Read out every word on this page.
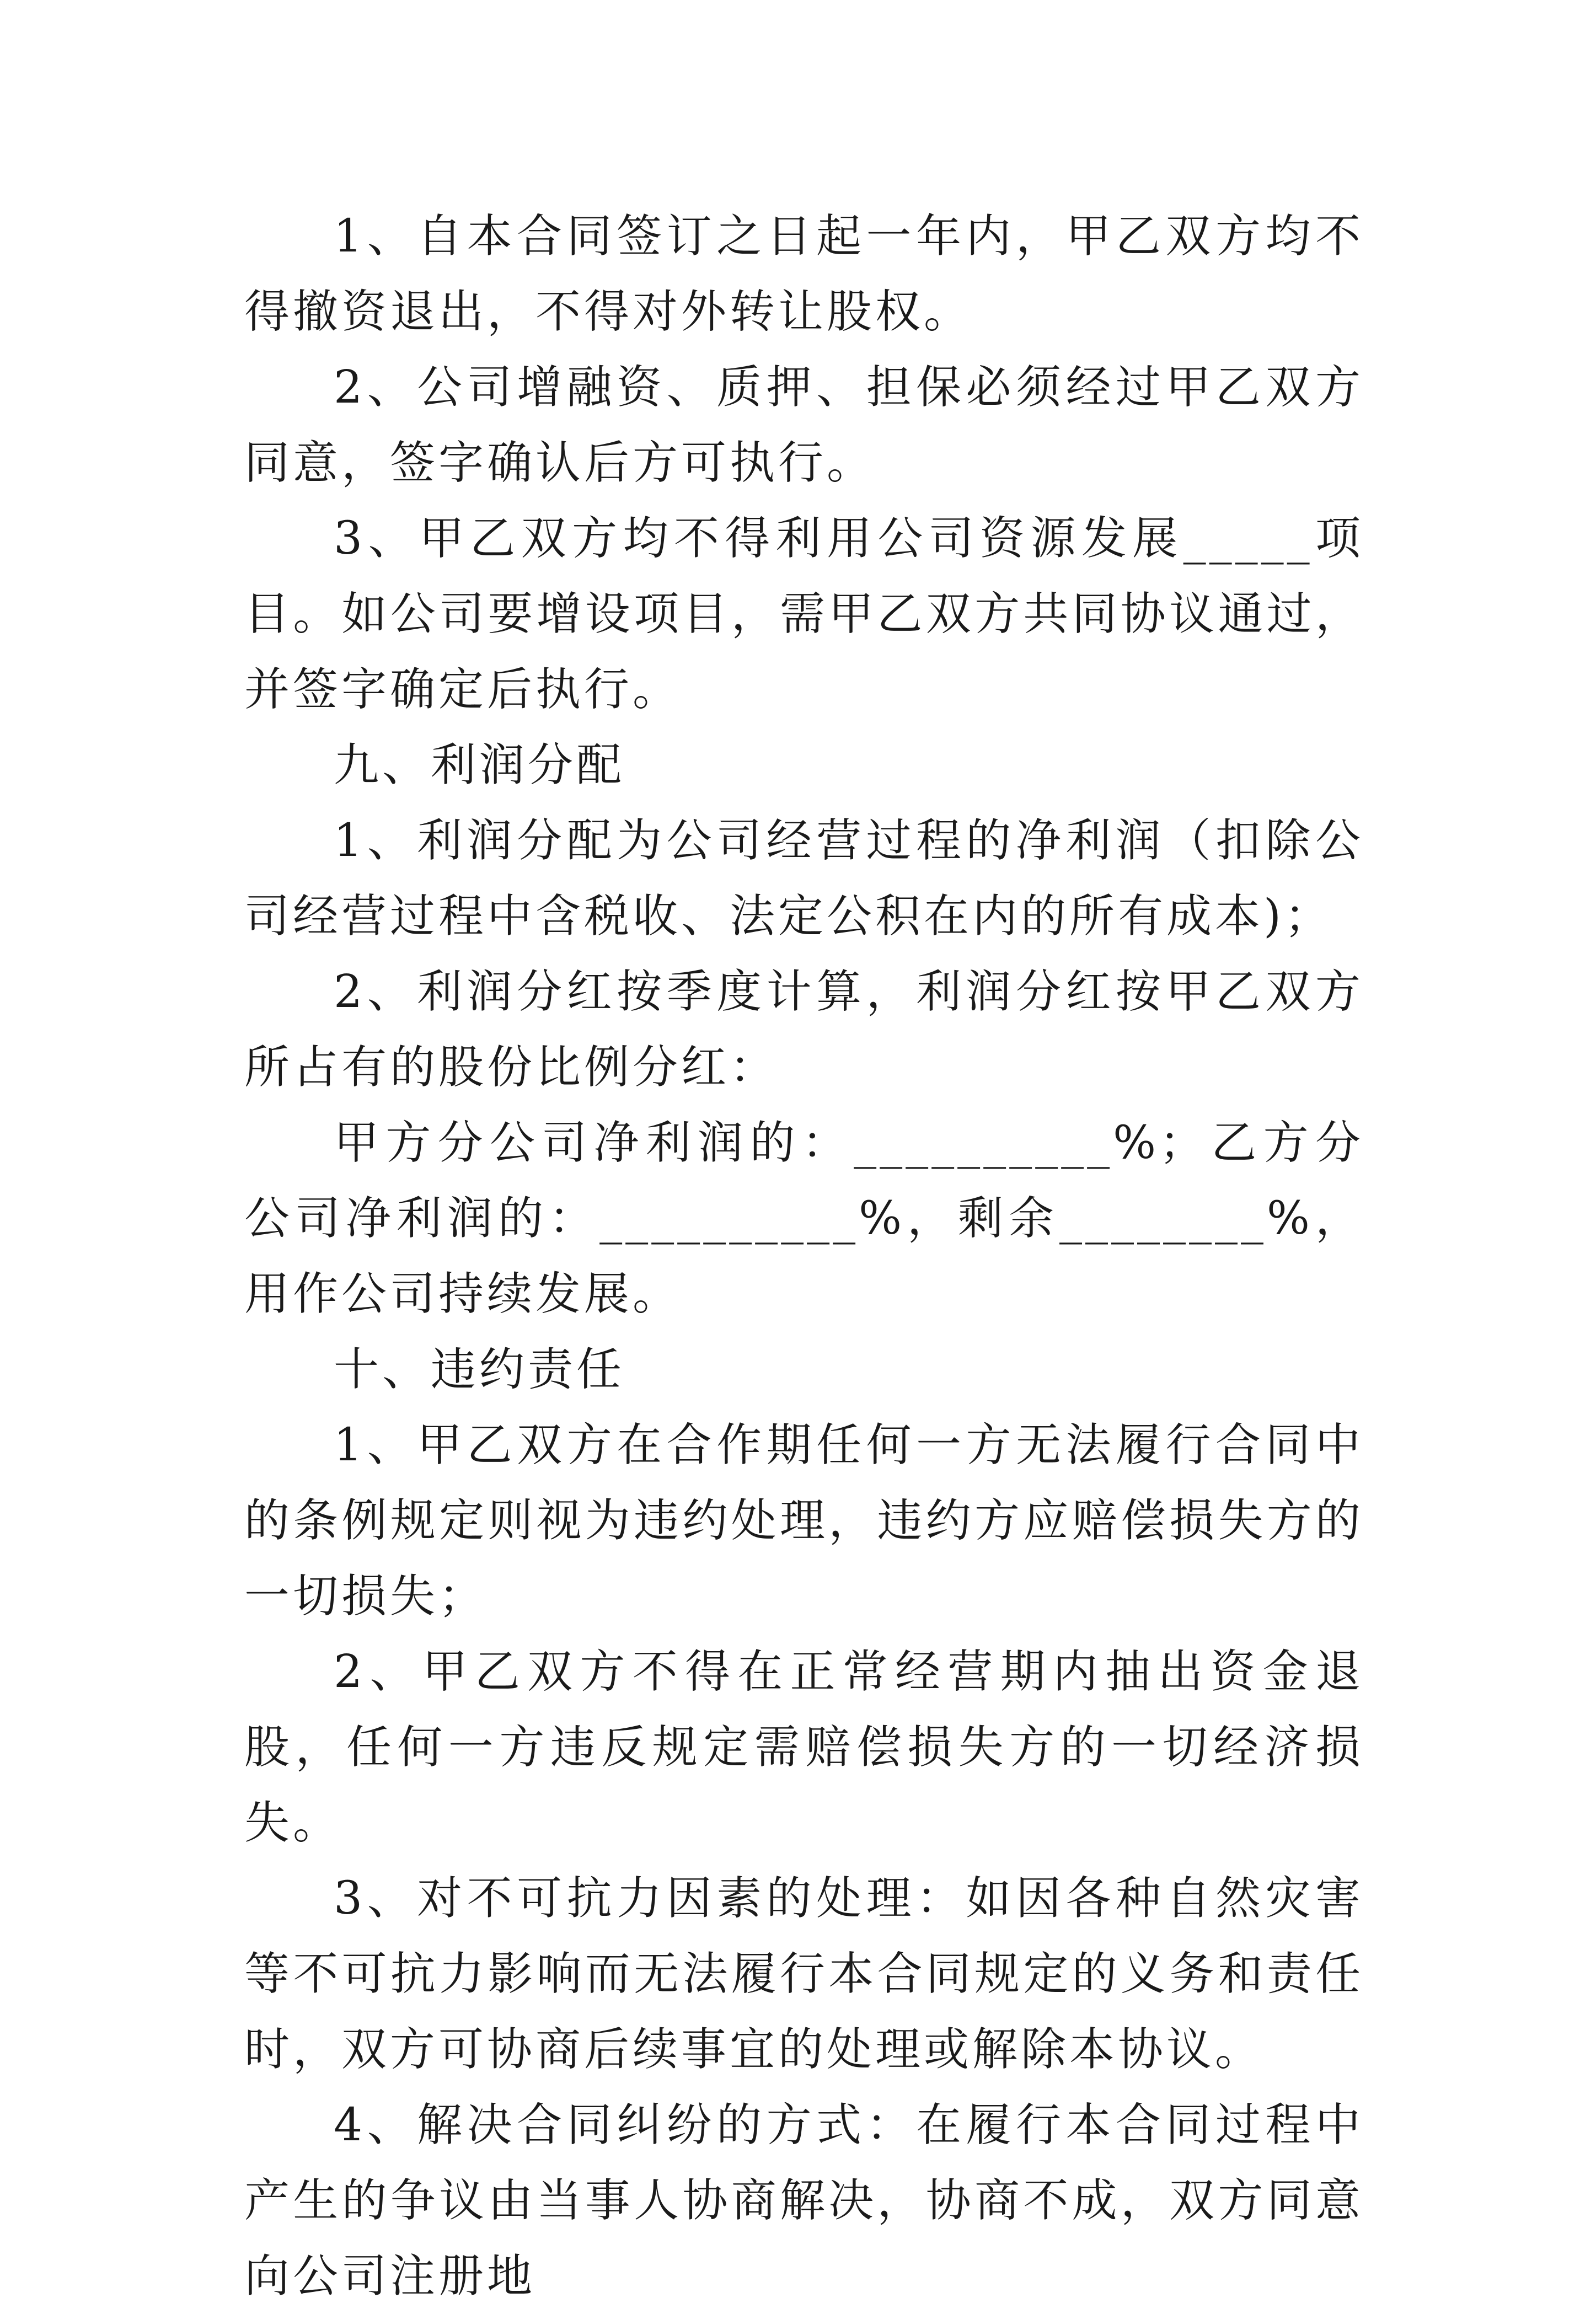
1、自本合同签订之日起一年内，甲乙双方均不得撤资退出，不得对外转让股权。

2、公司增融资、质押、担保必须经过甲乙双方同意，签字确认后方可执行。

3、甲乙双方均不得利用公司资源发展_____项目。如公司要增设项目，需甲乙双方共同协议通过，并签字确定后执行。

九、利润分配

1、利润分配为公司经营过程的净利润（扣除公司经营过程中含税收、法定公积在内的所有成本)；

2、利润分红按季度计算，利润分红按甲乙双方所占有的股份比例分红：

甲方分公司净利润的：__________%；乙方分公司净利润的：__________%，剩余________%，用作公司持续发展。

十、违约责任

1、甲乙双方在合作期任何一方无法履行合同中的条例规定则视为违约处理，违约方应赔偿损失方的一切损失；

2、甲乙双方不得在正常经营期内抽出资金退股，任何一方违反规定需赔偿损失方的一切经济损失。

3、对不可抗力因素的处理：如因各种自然灾害等不可抗力影响而无法履行本合同规定的义务和责任时，双方可协商后续事宜的处理或解除本协议。

4、解决合同纠纷的方式：在履行本合同过程中产生的争议由当事人协商解决，协商不成，双方同意向公司注册地
